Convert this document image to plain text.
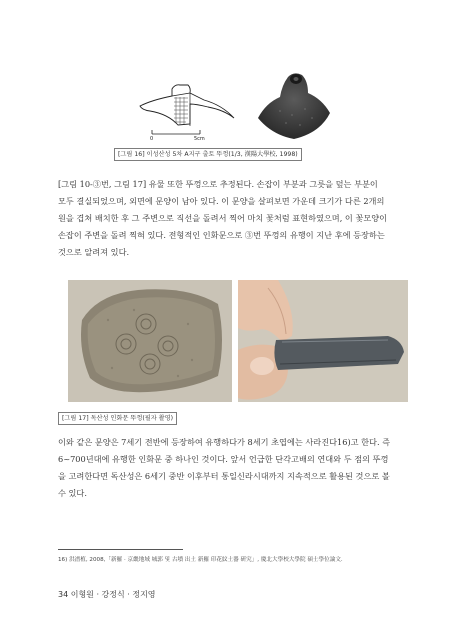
0	5cm
[그림 16] 이성산성 5차 A지구 출토 뚜껑(1/3, 漢陽大學校, 1998)

[그림 10-③번, 그림 17] 유물 또한 뚜껑으로 추정된다. 손잡이 부분과 그릇을 덮는 부분이

모두 결실되었으며, 외면에 문양이 남아 있다. 이 문양을 살펴보면 가운데 크기가 다른 2개의

원을 겹쳐 배치한 후 그 주변으로 직선을 돌려서 찍어 마치 꽃처럼 표현하였으며, 이 꽃모양이

손잡이 주변을 돌려 찍혀 있다. 전형적인 인화문으로 ③번 뚜껑의 유행이 지난 후에 등장하는

것으로 알려져 있다.

[그림 17] 독산성 인화문 뚜껑(필자 촬영)

이와 같은 문양은 7세기 전반에 등장하여 유행하다가 8세기 초엽에는 사라진다16)고 한다. 즉

6~700년대에 유행한 인화문 중 하나인 것이다. 앞서 언급한 단각고배의 연대와 두 점의 뚜껑

을 고려한다면 독산성은 6세기 중반 이후부터 통일신라시대까지 지속적으로 활용된 것으로 볼

수 있다.

16) 洪潽植, 2008,「新羅 · 京畿地域 城郭 및 古墳 出土 新羅 印花紋土器 硏究」, 慶北大學校大學院 碩士學位論文.
34 이형원 · 강정식 · 정지영
